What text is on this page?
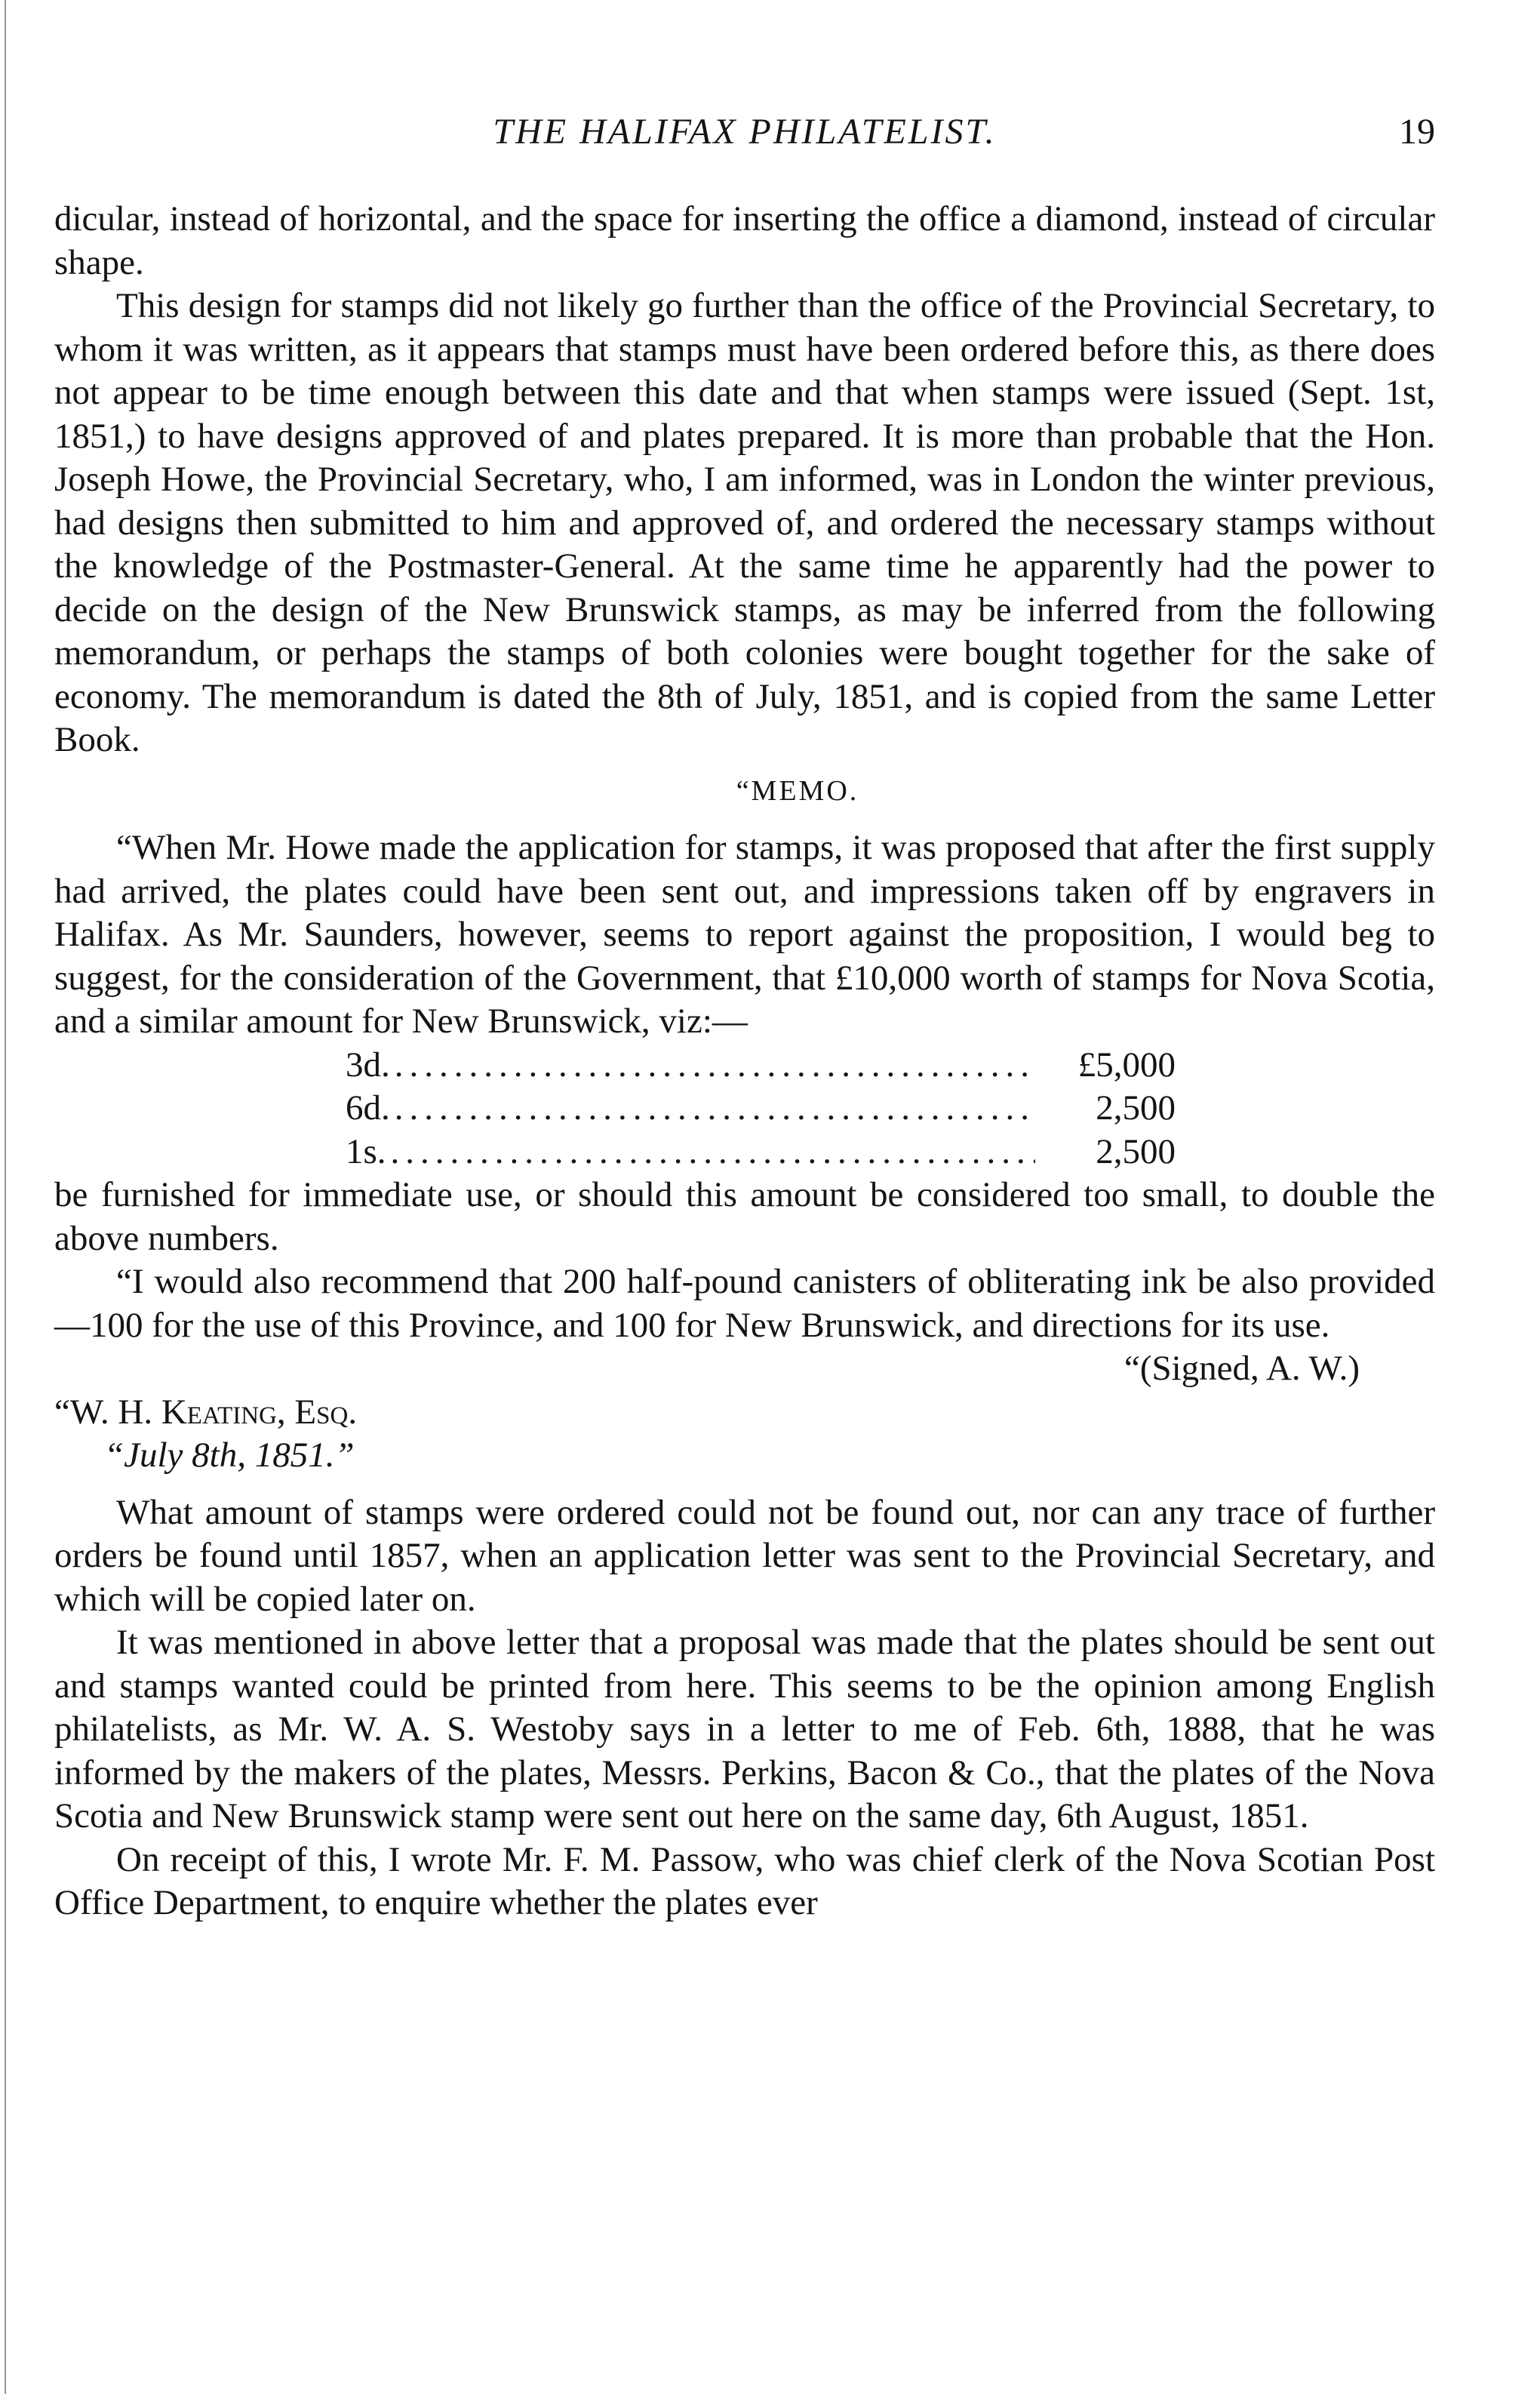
THE HALIFAX PHILATELIST.	19

dicular, instead of horizontal, and the space for inserting the office a diamond, instead of circular shape.

This design for stamps did not likely go further than the office of the Provincial Secretary, to whom it was written, as it appears that stamps must have been ordered before this, as there does not appear to be time enough between this date and that when stamps were issued (Sept. 1st, 1851,) to have designs approved of and plates prepared. It is more than probable that the Hon. Joseph Howe, the Provincial Secretary, who, I am informed, was in London the winter previous, had designs then submitted to him and approved of, and ordered the necessary stamps without the knowledge of the Postmaster-General. At the same time he apparently had the power to decide on the design of the New Brunswick stamps, as may be inferred from the following memorandum, or perhaps the stamps of both colonies were bought together for the sake of economy. The memorandum is dated the 8th of July, 1851, and is copied from the same Letter Book.

“MEMO.

“When Mr. Howe made the application for stamps, it was proposed that after the first supply had arrived, the plates could have been sent out, and impressions taken off by engravers in Halifax. As Mr. Saunders, however, seems to report against the proposition, I would beg to suggest, for the consideration of the Government, that £10,000 worth of stamps for Nova Scotia, and a similar amount for New Brunswick, viz:—

3d. .....	£5,000
6d. .....	2,500
1s. .....	2,500

be furnished for immediate use, or should this amount be considered too small, to double the above numbers.

“I would also recommend that 200 half-pound canisters of obliterating ink be also provided—100 for the use of this Province, and 100 for New Brunswick, and directions for its use.

“(Signed, A. W.)

“W. H. Keating, Esq.

“July 8th, 1851.”

What amount of stamps were ordered could not be found out, nor can any trace of further orders be found until 1857, when an application letter was sent to the Provincial Secretary, and which will be copied later on.

It was mentioned in above letter that a proposal was made that the plates should be sent out and stamps wanted could be printed from here. This seems to be the opinion among English philatelists, as Mr. W. A. S. Westoby says in a letter to me of Feb. 6th, 1888, that he was informed by the makers of the plates, Messrs. Perkins, Bacon & Co., that the plates of the Nova Scotia and New Brunswick stamp were sent out here on the same day, 6th August, 1851.

On receipt of this, I wrote Mr. F. M. Passow, who was chief clerk of the Nova Scotian Post Office Department, to enquire whether the plates ever
